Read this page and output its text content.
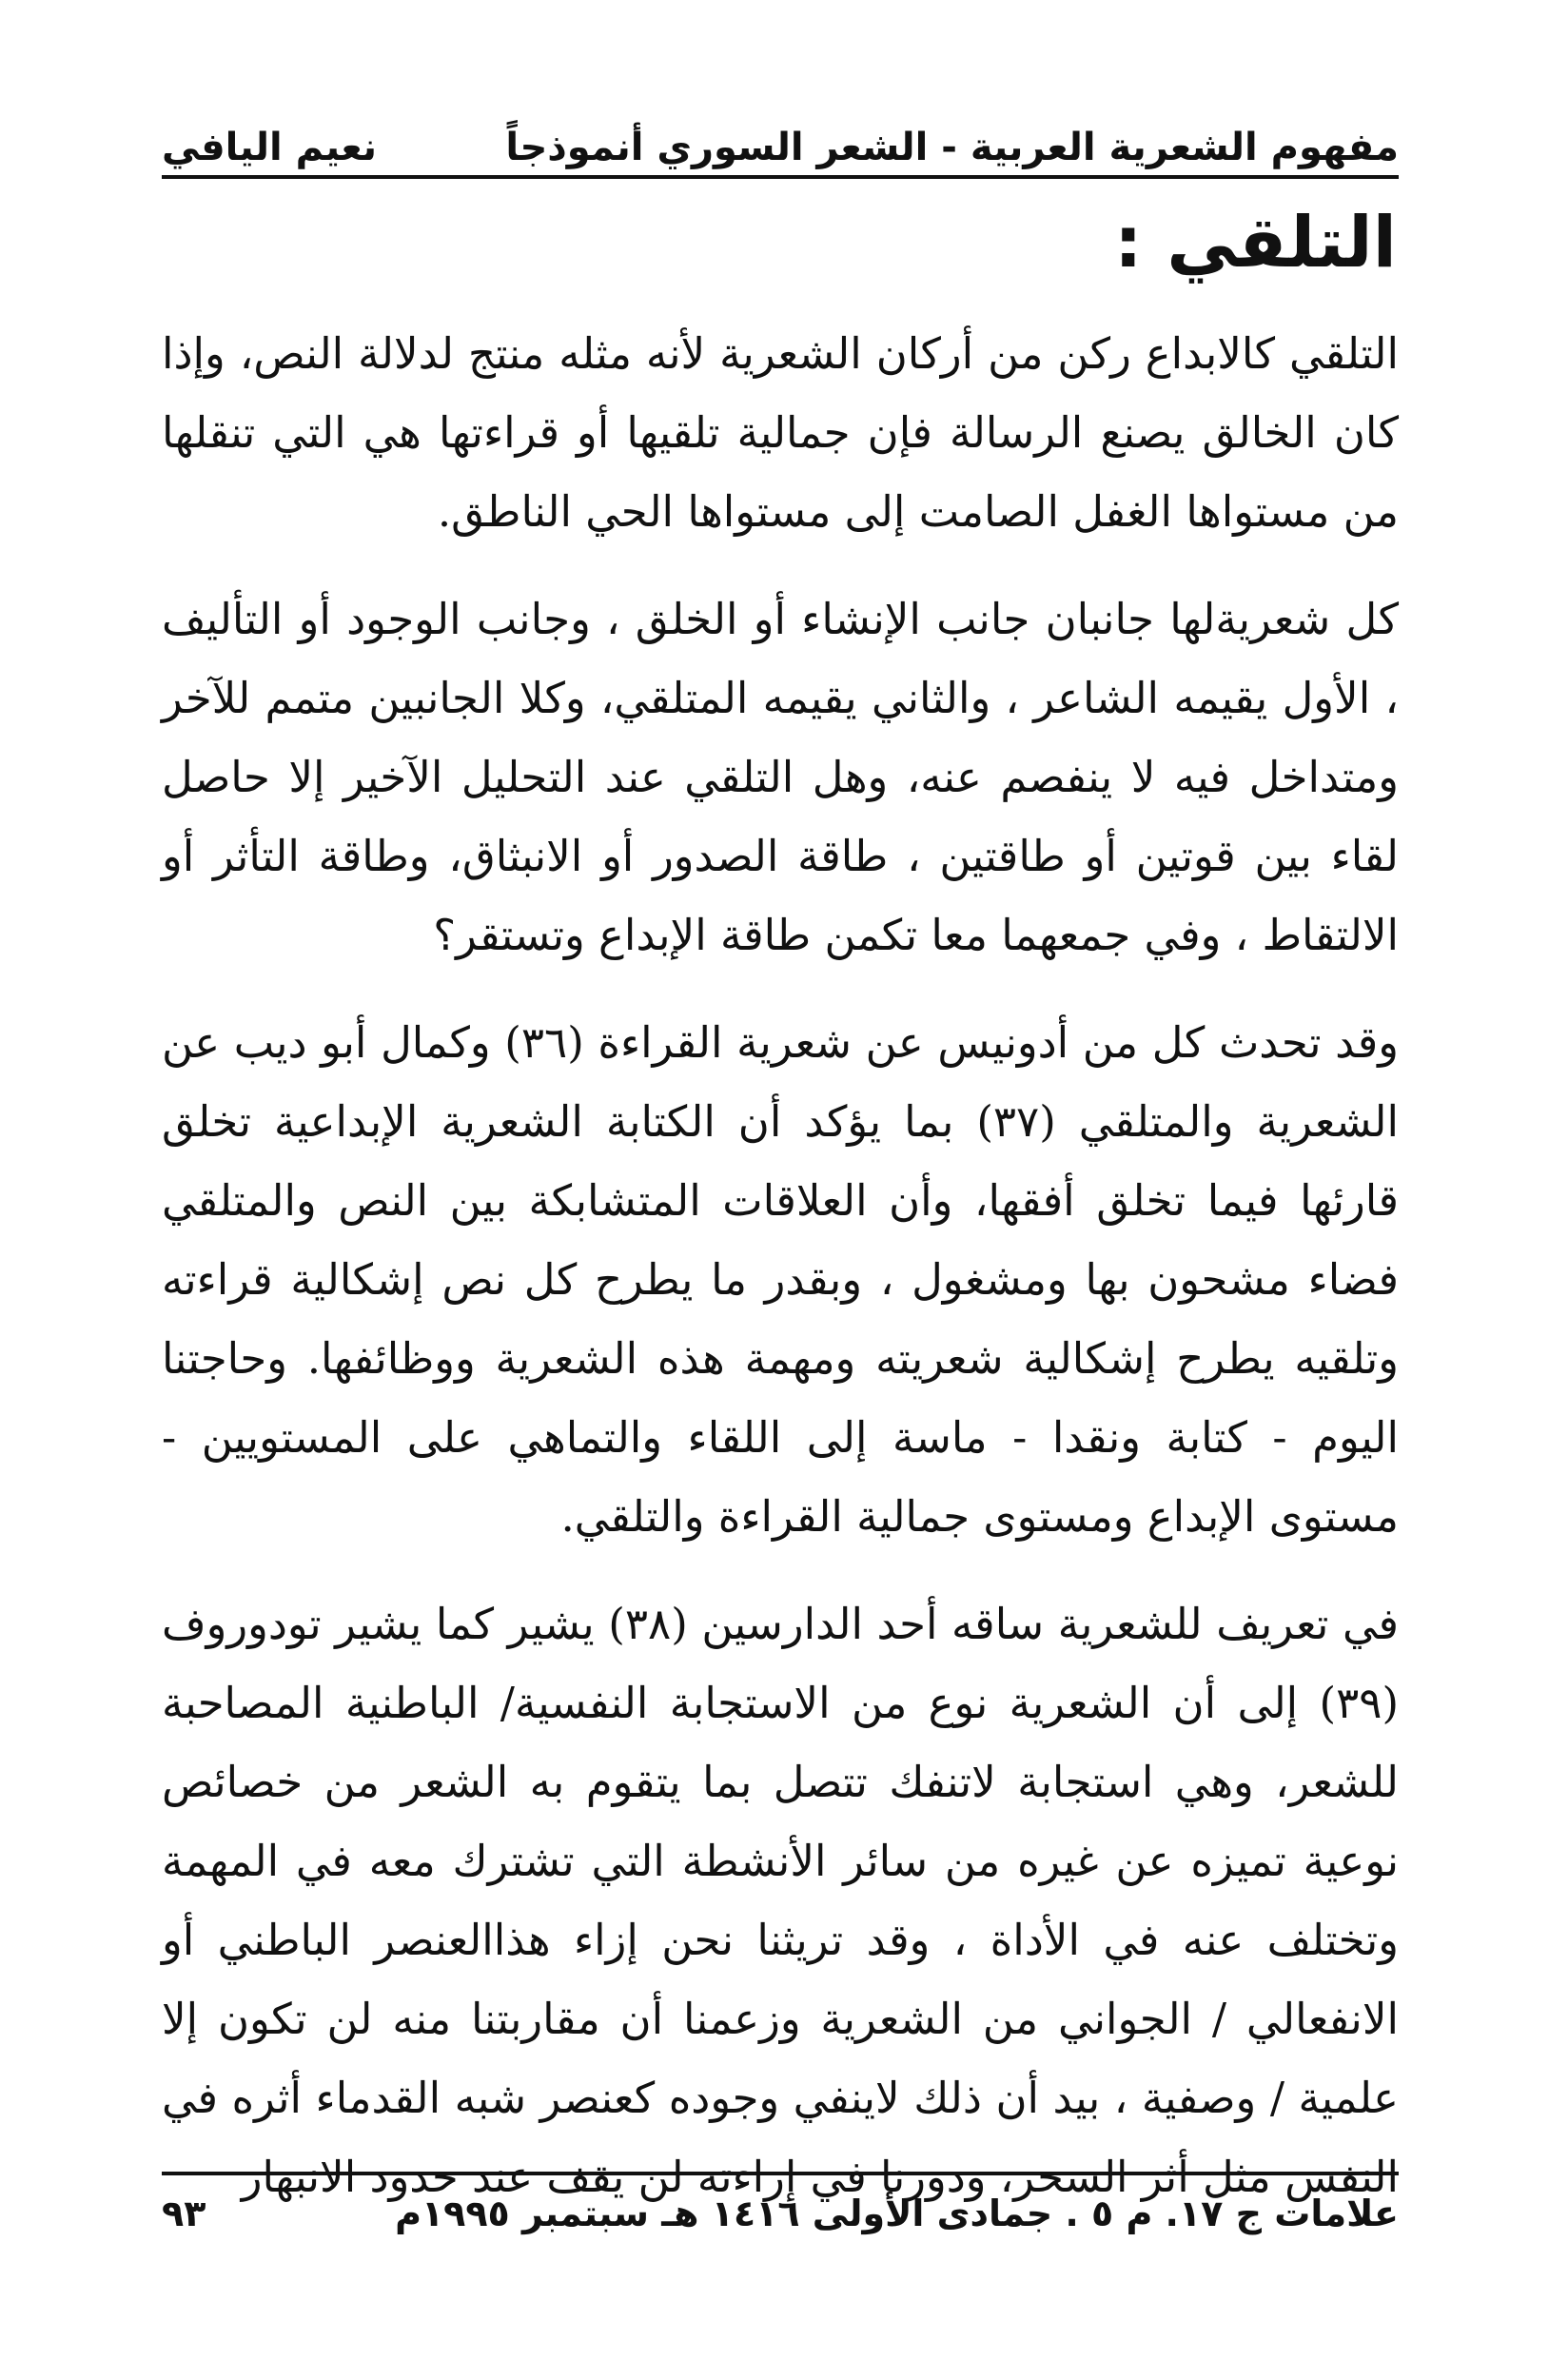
مفهوم الشعرية العربية - الشعر السوري أنموذجاً
نعيم اليافي
التلقي :

التلقي كالابداع ركن من أركان الشعرية لأنه مثله منتج لدلالة النص، وإذا كان الخالق يصنع الرسالة فإن جمالية تلقيها أو قراءتها هي التي تنقلها من مستواها الغفل الصامت إلى مستواها الحي الناطق.

كل شعريةلها جانبان جانب الإنشاء أو الخلق ، وجانب الوجود أو التأليف ، الأول يقيمه الشاعر ، والثاني يقيمه المتلقي، وكلا الجانبين متمم للآخر ومتداخل فيه لا ينفصم عنه، وهل التلقي عند التحليل الآخير إلا حاصل لقاء بين قوتين أو طاقتين ، طاقة الصدور أو الانبثاق، وطاقة التأثر أو الالتقاط ، وفي جمعهما معا تكمن طاقة الإبداع وتستقر؟

وقد تحدث كل من أدونيس عن شعرية القراءة (٣٦) وكمال أبو ديب عن الشعرية والمتلقي (٣٧) بما يؤكد أن الكتابة الشعرية الإبداعية تخلق قارئها فيما تخلق أفقها، وأن العلاقات المتشابكة بين النص والمتلقي فضاء مشحون بها ومشغول ، وبقدر ما يطرح كل نص إشكالية قراءته وتلقيه يطرح إشكالية شعريته ومهمة هذه الشعرية ووظائفها. وحاجتنا اليوم - كتابة ونقدا - ماسة إلى اللقاء والتماهي على المستويين - مستوى الإبداع ومستوى جمالية القراءة والتلقي.

في تعريف للشعرية ساقه أحد الدارسين (٣٨) يشير كما يشير تودوروف (٣٩) إلى أن الشعرية نوع من الاستجابة النفسية/ الباطنية المصاحبة للشعر، وهي استجابة لاتنفك تتصل بما يتقوم به الشعر من خصائص نوعية تميزه عن غيره من سائر الأنشطة التي تشترك معه في المهمة وتختلف عنه في الأداة ، وقد تريثنا نحن إزاء هذاالعنصر الباطني أو الانفعالي / الجواني من الشعرية وزعمنا أن مقاربتنا منه لن تكون إلا علمية / وصفية ، بيد أن ذلك لاينفي وجوده كعنصر شبه القدماء أثره في النفس مثل أثر السحر، ودورنا في إراءته لن يقف عند حدود الانبهار

علامات ج ١٧. م ٥ . جمادى الأولى ١٤١٦ هـ سبتمبر ١٩٩٥م
٩٣
